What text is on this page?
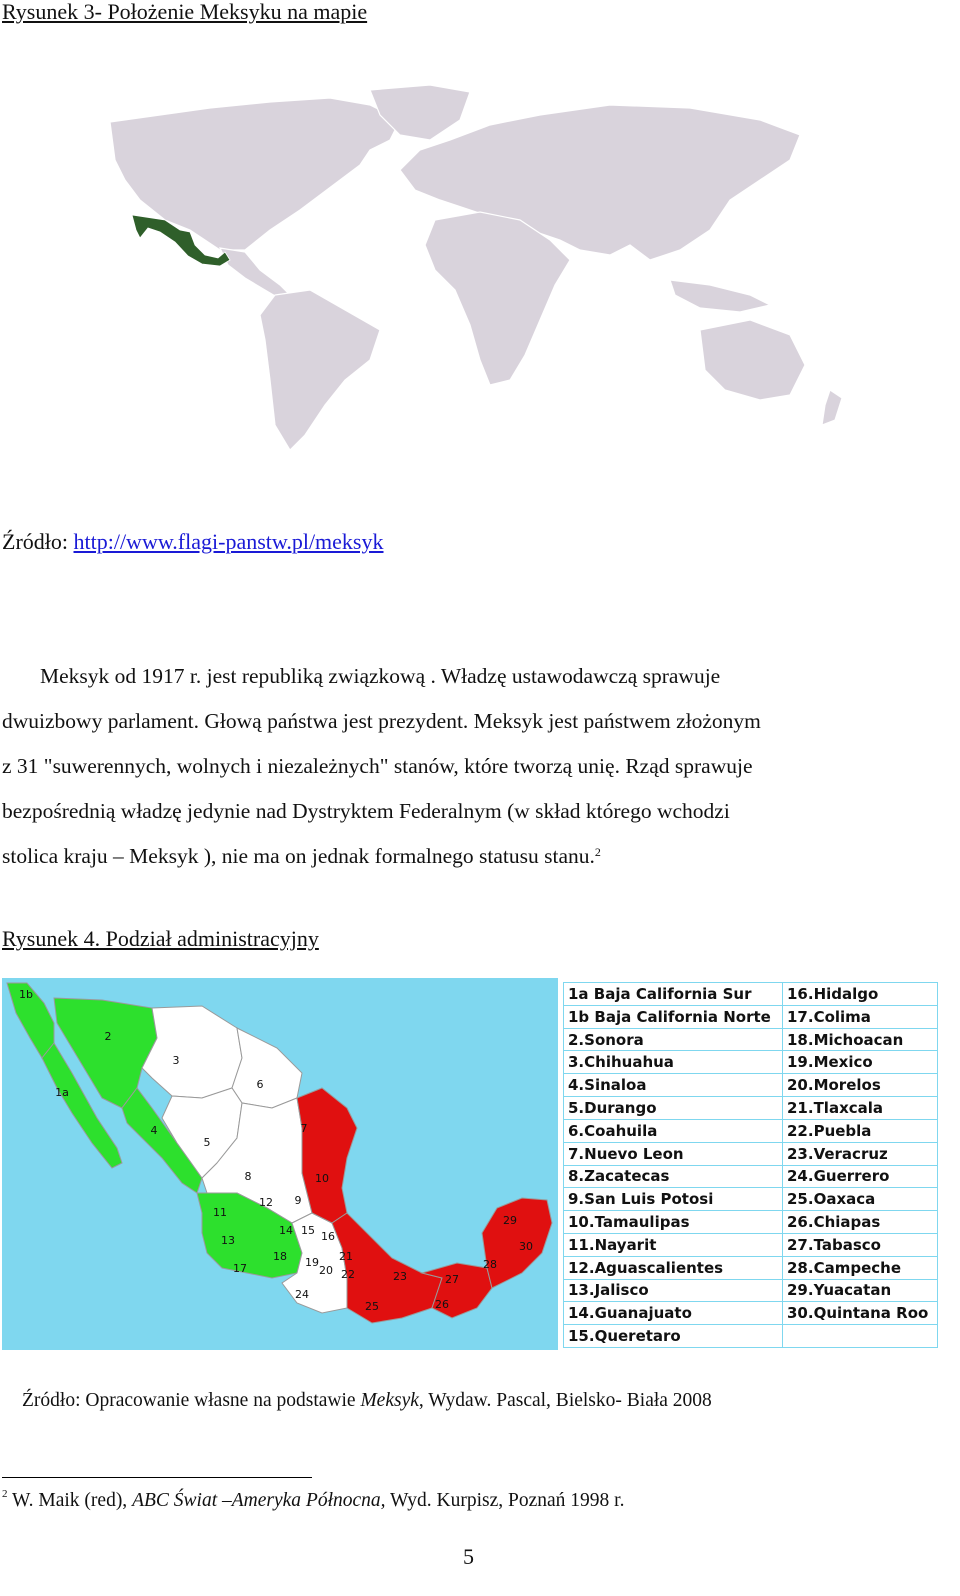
Rysunek 3- Położenie Meksyku na mapie
Źródło: http://www.flagi-panstw.pl/meksyk
Meksyk od 1917 r. jest republiką związkową . Władzę ustawodawczą sprawuje
dwuizbowy parlament. Głową państwa jest prezydent. Meksyk jest państwem złożonym
z 31 "suwerennych, wolnych i niezależnych" stanów, które tworzą unię. Rząd sprawuje
bezpośrednią władzę jedynie nad Dystryktem Federalnym (w skład którego wchodzi
stolica kraju – Meksyk ), nie ma on jednak formalnego statusu stanu.$^2$
Rysunek 4. Podział administracyjny
1b
1a
2
3
4
5
6
7
8
9
10
11
12
13
14 15 16
17
18 19
20
21
22	23
24
25	26
27
28
29
30
1a Baja California Sur	16.Hidalgo
1b Baja California Norte	17.Colima
2.Sonora	18.Michoacan
3.Chihuahua	19.Mexico
4.Sinaloa	20.Morelos
5.Durango	21.Tlaxcala
6.Coahuila	22.Puebla
7.Nuevo Leon	23.Veracruz
8.Zacatecas	24.Guerrero
9.San Luis Potosi	25.Oaxaca
10.Tamaulipas	26.Chiapas
11.Nayarit	27.Tabasco
12.Aguascalientes	28.Campeche
13.Jalisco	29.Yuacatan
14.Guanajuato	30.Quintana Roo
15.Queretaro	
Źródło: Opracowanie własne na podstawie Meksyk, Wydaw. Pascal, Bielsko- Biała 2008
$^2$ W. Maik (red), ABC Świat –Ameryka Północna, Wyd. Kurpisz, Poznań 1998 r.
5
